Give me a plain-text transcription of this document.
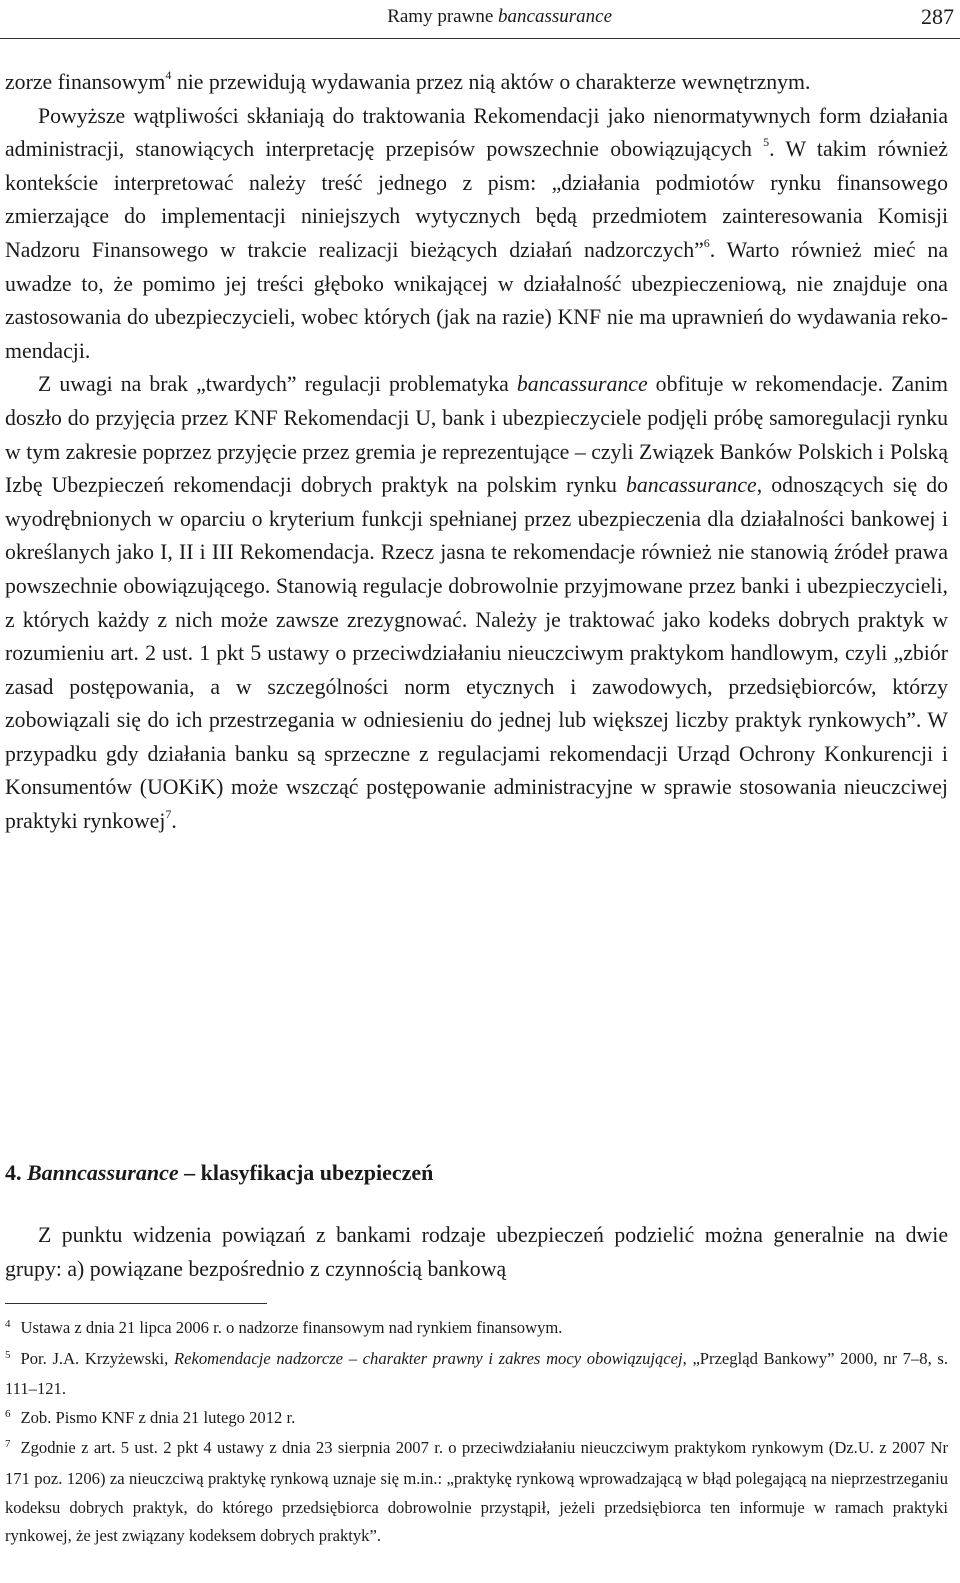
Ramy prawne bancassurance	287

zorze finansowym$^4$ nie przewidują wydawania przez nią aktów o charakterze wewnętrznym.

Powyższe wątpliwości skłaniają do traktowania Rekomendacji jako nienormatywnych form działania administracji, stanowiących interpretację przepisów powszechnie obowiązujących $^5$. W takim również kontekście interpretować należy treść jednego z pism: „działania podmiotów rynku finansowego zmierzające do implementacji niniejszych wytycznych będą przedmiotem zainteresowania Komisji Nadzoru Finansowego w trakcie realizacji bieżących działań nadzorczych”$^6$. Warto również mieć na uwadze to, że pomimo jej treści głęboko wnikającej w działalność ubezpieczeniową, nie znajduje ona zastosowania do ubezpieczycieli, wobec których (jak na razie) KNF nie ma uprawnień do wydawania rekomendacji.

Z uwagi na brak „twardych” regulacji problematyka bancassurance obfituje w rekomendacje. Zanim doszło do przyjęcia przez KNF Rekomendacji U, bank i ubezpieczyciele podjęli próbę samoregulacji rynku w tym zakresie poprzez przyjęcie przez gremia je reprezentujące – czyli Związek Banków Polskich i Polską Izbę Ubezpieczeń rekomendacji dobrych praktyk na polskim rynku bancassurance, odnoszących się do wyodrębnionych w oparciu o kryterium funkcji spełnianej przez ubezpieczenia dla działalności bankowej i określanych jako I, II i III Rekomendacja. Rzecz jasna te rekomendacje również nie stanowią źródeł prawa powszechnie obowiązującego. Stanowią regulacje dobrowolnie przyjmowane przez banki i ubezpieczycieli, z których każdy z nich może zawsze zrezygnować. Należy je traktować jako kodeks dobrych praktyk w rozumieniu art. 2 ust. 1 pkt 5 ustawy o przeciwdziałaniu nieuczciwym praktykom handlowym, czyli „zbiór zasad postępowania, a w szczególności norm etycznych i zawodowych, przedsiębiorców, którzy zobowiązali się do ich przestrzegania w odniesieniu do jednej lub większej liczby praktyk rynkowych”. W przypadku gdy działania banku są sprzeczne z regulacjami rekomendacji Urząd Ochrony Konkurencji i Konsumentów (UOKiK) może wszcząć postępowanie administracyjne w sprawie stosowania nieuczciwej praktyki rynkowej$^7$.

4. Banncassurance – klasyfikacja ubezpieczeń

Z punktu widzenia powiązań z bankami rodzaje ubezpieczeń podzielić można generalnie na dwie grupy: a) powiązane bezpośrednio z czynnością bankową

$^4$ Ustawa z dnia 21 lipca 2006 r. o nadzorze finansowym nad rynkiem finansowym.

$^5$ Por. J.A. Krzyżewski, Rekomendacje nadzorcze – charakter prawny i zakres mocy obowiązującej, „Przegląd Bankowy” 2000, nr 7–8, s. 111–121.

$^6$ Zob. Pismo KNF z dnia 21 lutego 2012 r.

$^7$ Zgodnie z art. 5 ust. 2 pkt 4 ustawy z dnia 23 sierpnia 2007 r. o przeciwdziałaniu nieuczciwym praktykom rynkowym (Dz.U. z 2007 Nr 171 poz. 1206) za nieuczciwą praktykę rynkową uznaje się m.in.: „praktykę rynkową wprowadzającą w błąd polegającą na nieprzestrzeganiu kodeksu dobrych praktyk, do którego przedsiębiorca dobrowolnie przystąpił, jeżeli przedsiębiorca ten informuje w ramach praktyki rynkowej, że jest związany kodeksem dobrych praktyk”.
